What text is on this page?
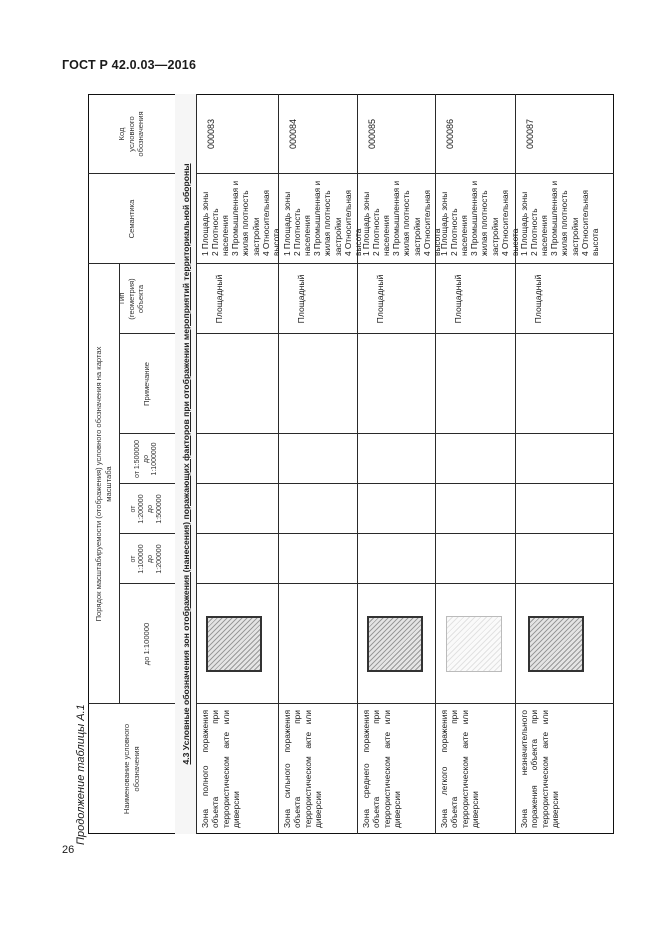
ГОСТ Р 42.0.03—2016
26
Продолжение таблицы А.1	Наименование условного обозначения
Порядок масштабируемости (отображения) условного обозначения на картах масштаба
до 1:100000
от 1:100000 до 1:200000
от 1:200000 до 1:500000
от 1:500000 до 1:1000000
Примечание
Тип (геометрия) объекта
Семантика
Код условного обозначения
4.3 Условные обозначения зон отображения (нанесения) поражающих факторов при отображении мероприятий территориальной обороны
Зона полного поражения объекта при террористическом акте или диверсии
Площадный
1 Площадь зоны 2 Плотность населения 3 Промышленная и жилая плотность застройки 4 Относительная высота
000083
Зона сильного поражения объекта при террористическом акте или диверсии
Площадный
1 Площадь зоны 2 Плотность населения 3 Промышленная и жилая плотность застройки 4 Относительная высота
000084
Зона среднего поражения объекта при террористическом акте или диверсии
Площадный
1 Площадь зоны 2 Плотность населения 3 Промышленная и жилая плотность застройки 4 Относительная высота
000085
Зона легкого поражения объекта при террористическом акте или диверсии
Площадный
1 Площадь зоны 2 Плотность населения 3 Промышленная и жилая плотность застройки 4 Относительная высота
000086
Зона незначительного поражения объекта при террористическом акте или диверсии
Площадный
1 Площадь зоны 2 Плотность населения 3 Промышленная и жилая плотность застройки 4 Относительная высота
000087
